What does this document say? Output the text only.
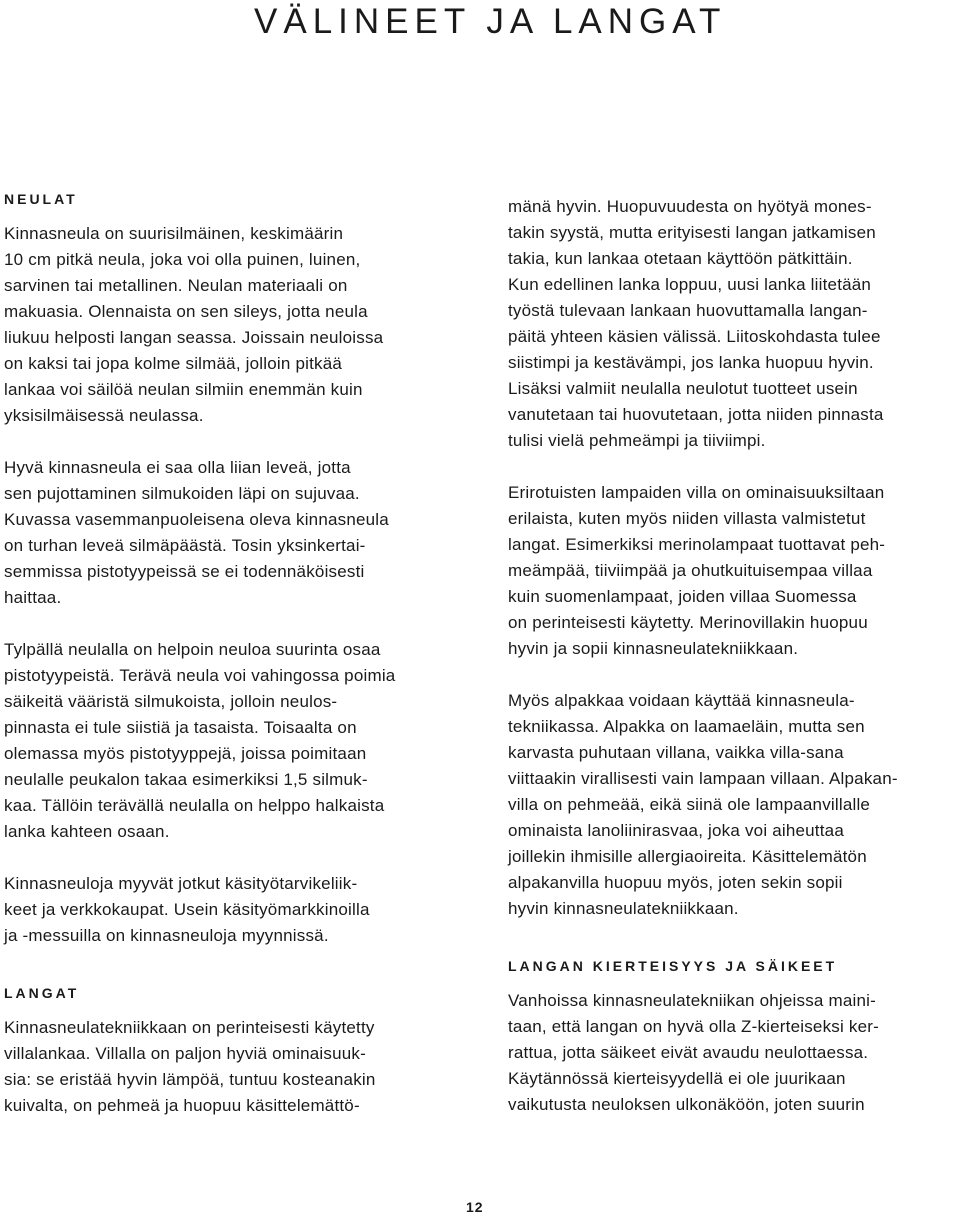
VÄLINEET JA LANGAT
NEULAT

Kinnasneula on suurisilmäinen, keskimäärin
10 cm pitkä neula, joka voi olla puinen, luinen,
sarvinen tai metallinen. Neulan materiaali on
makuasia. Olennaista on sen sileys, jotta neula
liukuu helposti langan seassa. Joissain neuloissa
on kaksi tai jopa kolme silmää, jolloin pitkää
lankaa voi säilöä neulan silmiin enemmän kuin
yksisilmäisessä neulassa.

Hyvä kinnasneula ei saa olla liian leveä, jotta
sen pujottaminen silmukoiden läpi on sujuvaa.
Kuvassa vasemmanpuoleisena oleva kinnasneula
on turhan leveä silmäpäästä. Tosin yksinkertai-
semmissa pistotyypeissä se ei todennäköisesti
haittaa.

Tylpällä neulalla on helpoin neuloa suurinta osaa
pistotyypeistä. Terävä neula voi vahingossa poimia
säikeitä vääristä silmukoista, jolloin neulos-
pinnasta ei tule siistiä ja tasaista. Toisaalta on
olemassa myös pistotyyppejä, joissa poimitaan
neulalle peukalon takaa esimerkiksi 1,5 silmuk-
kaa. Tällöin terävällä neulalla on helppo halkaista
lanka kahteen osaan.

Kinnasneuloja myyvät jotkut käsityötarvikeliik-
keet ja verkkokaupat. Usein käsityömarkkinoilla
ja -messuilla on kinnasneuloja myynnissä.

LANGAT

Kinnasneulatekniikkaan on perinteisesti käytetty
villalankaa. Villalla on paljon hyviä ominaisuuk-
sia: se eristää hyvin lämpöä, tuntuu kosteanakin
kuivalta, on pehmeä ja huopuu käsittelemättö-

mänä hyvin. Huopuvuudesta on hyötyä mones-
takin syystä, mutta erityisesti langan jatkamisen
takia, kun lankaa otetaan käyttöön pätkittäin.
Kun edellinen lanka loppuu, uusi lanka liitetään
työstä tulevaan lankaan huovuttamalla langan-
päitä yhteen käsien välissä. Liitoskohdasta tulee
siistimpi ja kestävämpi, jos lanka huopuu hyvin.
Lisäksi valmiit neulalla neulotut tuotteet usein
vanutetaan tai huovutetaan, jotta niiden pinnasta
tulisi vielä pehmeämpi ja tiiviimpi.

Erirotuisten lampaiden villa on ominaisuuksiltaan
erilaista, kuten myös niiden villasta valmistetut
langat. Esimerkiksi merinolampaat tuottavat peh-
meämpää, tiiviimpää ja ohutkuituisempaa villaa
kuin suomenlampaat, joiden villaa Suomessa
on perinteisesti käytetty. Merinovillakin huopuu
hyvin ja sopii kinnasneulatekniikkaan.

Myös alpakkaa voidaan käyttää kinnasneula-
tekniikassa. Alpakka on laamaeläin, mutta sen
karvasta puhutaan villana, vaikka villa-sana
viittaakin virallisesti vain lampaan villaan. Alpakan-
villa on pehmeää, eikä siinä ole lampaanvillalle
ominaista lanoliinirasvaa, joka voi aiheuttaa
joillekin ihmisille allergiaoireita. Käsittelemätön
alpakanvilla huopuu myös, joten sekin sopii
hyvin kinnasneulatekniikkaan.

LANGAN KIERTEISYYS JA SÄIKEET

Vanhoissa kinnasneulatekniikan ohjeissa maini-
taan, että langan on hyvä olla Z-kierteiseksi ker-
rattua, jotta säikeet eivät avaudu neulottaessa.
Käytännössä kierteisyydellä ei ole juurikaan
vaikutusta neuloksen ulkonäköön, joten suurin

12
